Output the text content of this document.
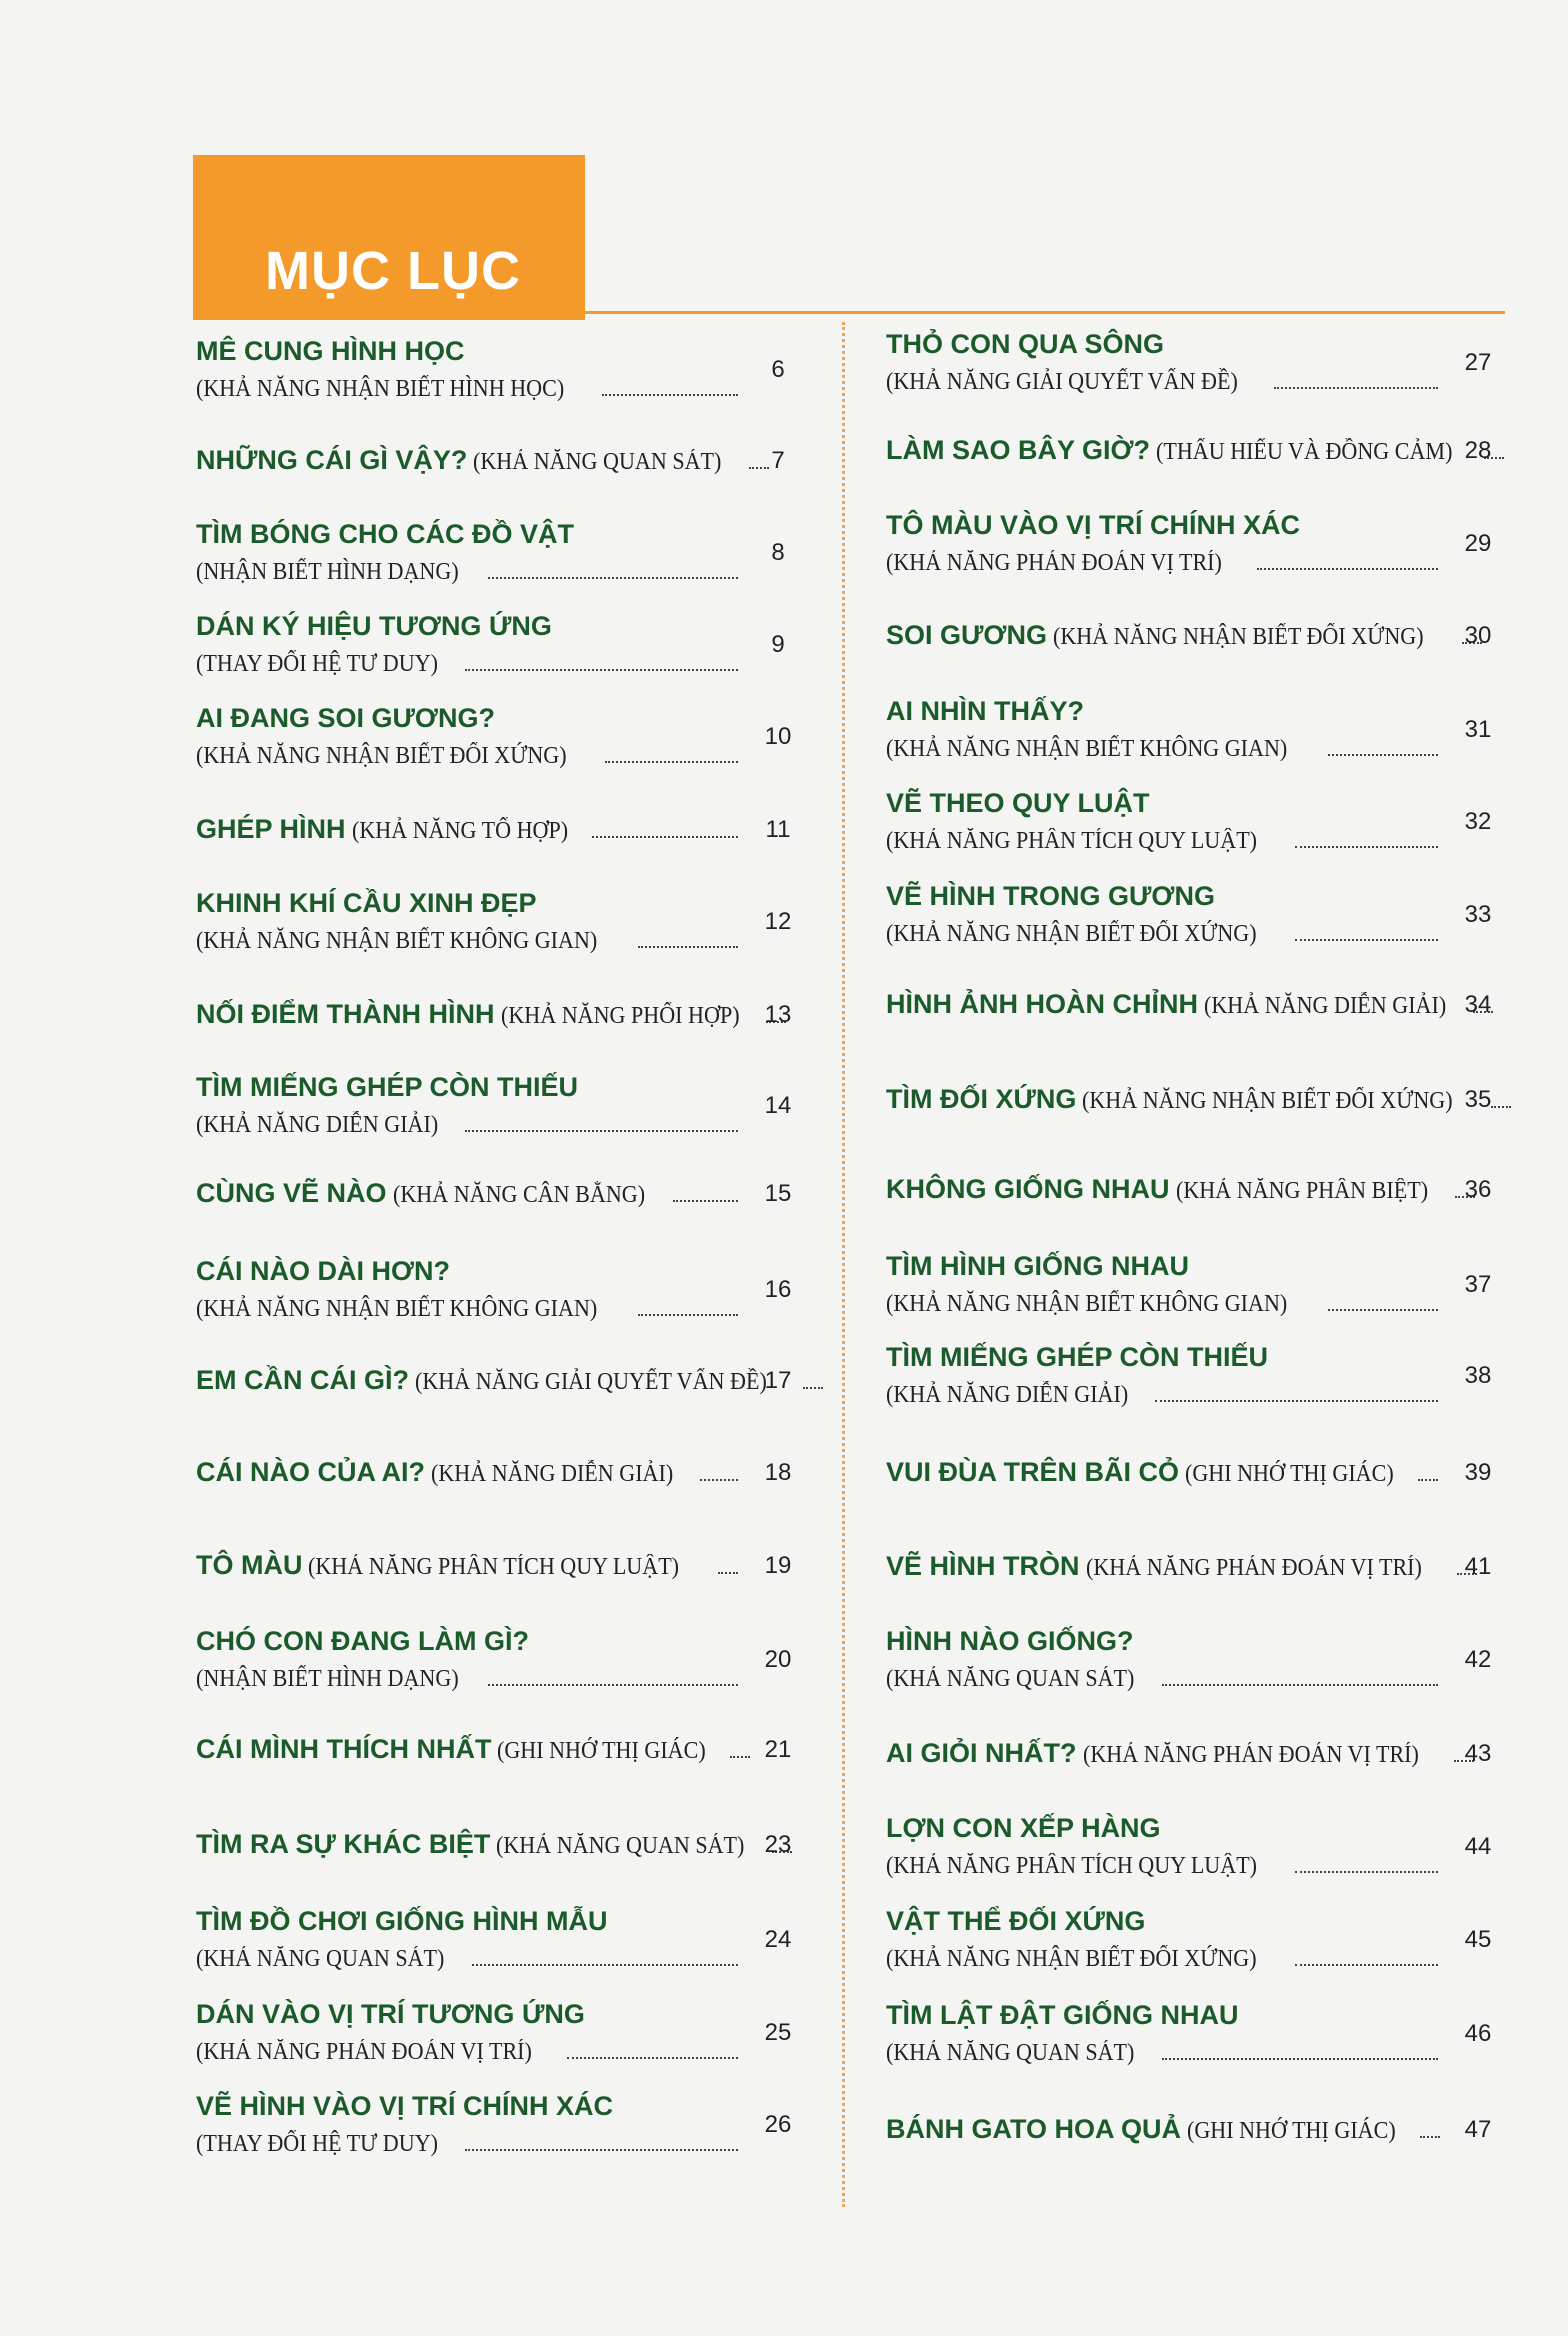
MỤC LỤC
MÊ CUNG HÌNH HỌC
(KHẢ NĂNG NHẬN BIẾT HÌNH HỌC)
6
NHỮNG CÁI GÌ VẬY? (KHẢ NĂNG QUAN SÁT)	7
TÌM BÓNG CHO CÁC ĐỒ VẬT
(NHẬN BIẾT HÌNH DẠNG)
8
DÁN KÝ HIỆU TƯƠNG ỨNG
(THAY ĐỔI HỆ TƯ DUY)
9
AI ĐANG SOI GƯƠNG?
(KHẢ NĂNG NHẬN BIẾT ĐỐI XỨNG)
10
GHÉP HÌNH (KHẢ NĂNG TỔ HỢP)	11
KHINH KHÍ CẦU XINH ĐẸP
(KHẢ NĂNG NHẬN BIẾT KHÔNG GIAN)
12
NỐI ĐIỂM THÀNH HÌNH (KHẢ NĂNG PHỐI HỢP)	13
TÌM MIẾNG GHÉP CÒN THIẾU
(KHẢ NĂNG DIỄN GIẢI)
14
CÙNG VẼ NÀO (KHẢ NĂNG CÂN BẰNG)	15
CÁI NÀO DÀI HƠN?
(KHẢ NĂNG NHẬN BIẾT KHÔNG GIAN)
16
EM CẦN CÁI GÌ? (KHẢ NĂNG GIẢI QUYẾT VẤN ĐỀ)
17
CÁI NÀO CỦA AI? (KHẢ NĂNG DIỄN GIẢI)	18
TÔ MÀU (KHẢ NĂNG PHÂN TÍCH QUY LUẬT)	19
CHÓ CON ĐANG LÀM GÌ?
(NHẬN BIẾT HÌNH DẠNG)
20
CÁI MÌNH THÍCH NHẤT (GHI NHỚ THỊ GIÁC)	21
TÌM RA SỰ KHÁC BIỆT (KHẢ NĂNG QUAN SÁT) 23
TÌM ĐỒ CHƠI GIỐNG HÌNH MẪU
(KHẢ NĂNG QUAN SÁT)
24
DÁN VÀO VỊ TRÍ TƯƠNG ỨNG
(KHẢ NĂNG PHÁN ĐOÁN VỊ TRÍ)
25
VẼ HÌNH VÀO VỊ TRÍ CHÍNH XÁC
(THAY ĐỔI HỆ TƯ DUY)
26
THỎ CON QUA SÔNG
(KHẢ NĂNG GIẢI QUYẾT VẤN ĐỀ)
27
LÀM SAO BÂY GIỜ? (THẤU HIỂU VÀ ĐỒNG CẢM) 28
TÔ MÀU VÀO VỊ TRÍ CHÍNH XÁC
(KHẢ NĂNG PHÁN ĐOÁN VỊ TRÍ)
29
SOI GƯƠNG (KHẢ NĂNG NHẬN BIẾT ĐỐI XỨNG)	30
AI NHÌN THẤY?
(KHẢ NĂNG NHẬN BIẾT KHÔNG GIAN)
31
VẼ THEO QUY LUẬT
(KHẢ NĂNG PHÂN TÍCH QUY LUẬT)
32
VẼ HÌNH TRONG GƯƠNG
(KHẢ NĂNG NHẬN BIẾT ĐỐI XỨNG)
33
HÌNH ẢNH HOÀN CHỈNH (KHẢ NĂNG DIỄN GIẢI) 34
TÌM ĐỐI XỨNG (KHẢ NĂNG NHẬN BIẾT ĐỐI XỨNG) 35
KHÔNG GIỐNG NHAU (KHẢ NĂNG PHÂN BIỆT)	36
TÌM HÌNH GIỐNG NHAU
(KHẢ NĂNG NHẬN BIẾT KHÔNG GIAN)
37
TÌM MIẾNG GHÉP CÒN THIẾU
(KHẢ NĂNG DIỄN GIẢI)
38
VUI ĐÙA TRÊN BÃI CỎ (GHI NHỚ THỊ GIÁC)	39
VẼ HÌNH TRÒN (KHẢ NĂNG PHÁN ĐOÁN VỊ TRÍ)	41
HÌNH NÀO GIỐNG?
(KHẢ NĂNG QUAN SÁT)
42
AI GIỎI NHẤT? (KHẢ NĂNG PHÁN ĐOÁN VỊ TRÍ)	43
LỢN CON XẾP HÀNG
(KHẢ NĂNG PHÂN TÍCH QUY LUẬT)
44
VẬT THỂ ĐỐI XỨNG
(KHẢ NĂNG NHẬN BIẾT ĐỐI XỨNG)
45
TÌM LẬT ĐẬT GIỐNG NHAU
(KHẢ NĂNG QUAN SÁT)
46
BÁNH GATO HOA QUẢ (GHI NHỚ THỊ GIÁC)	47
